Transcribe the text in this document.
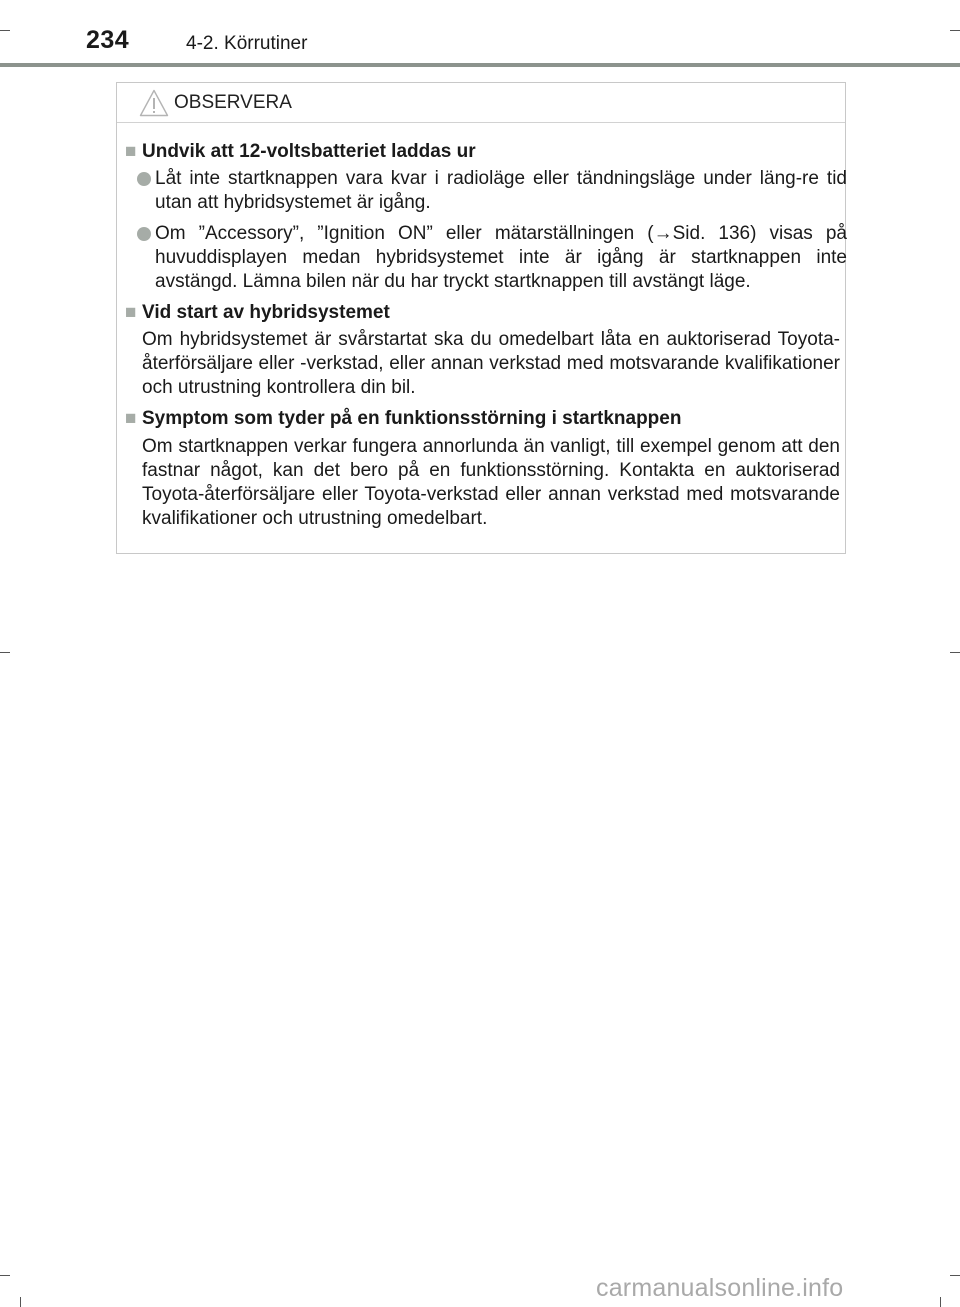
234	4-2. Körrutiner
OBSERVERA
■ Undvik att 12-voltsbatteriet laddas ur

Låt inte startknappen vara kvar i radioläge eller tändningsläge under läng-re tid utan att hybridsystemet är igång.

Om ”Accessory”, ”Ignition ON” eller mätarställningen (→Sid. 136) visas på huvuddisplayen medan hybridsystemet inte är igång är startknappen inte avstängd. Lämna bilen när du har tryckt startknappen till avstängt läge.

■ Vid start av hybridsystemet

Om hybridsystemet är svårstartat ska du omedelbart låta en auktoriserad Toyota-återförsäljare eller -verkstad, eller annan verkstad med motsvarande kvalifikationer och utrustning kontrollera din bil.

■ Symptom som tyder på en funktionsstörning i startknappen

Om startknappen verkar fungera annorlunda än vanligt, till exempel genom att den fastnar något, kan det bero på en funktionsstörning. Kontakta en auktoriserad Toyota-återförsäljare eller Toyota-verkstad eller annan verkstad med motsvarande kvalifikationer och utrustning omedelbart.

carmanualsonline.info
